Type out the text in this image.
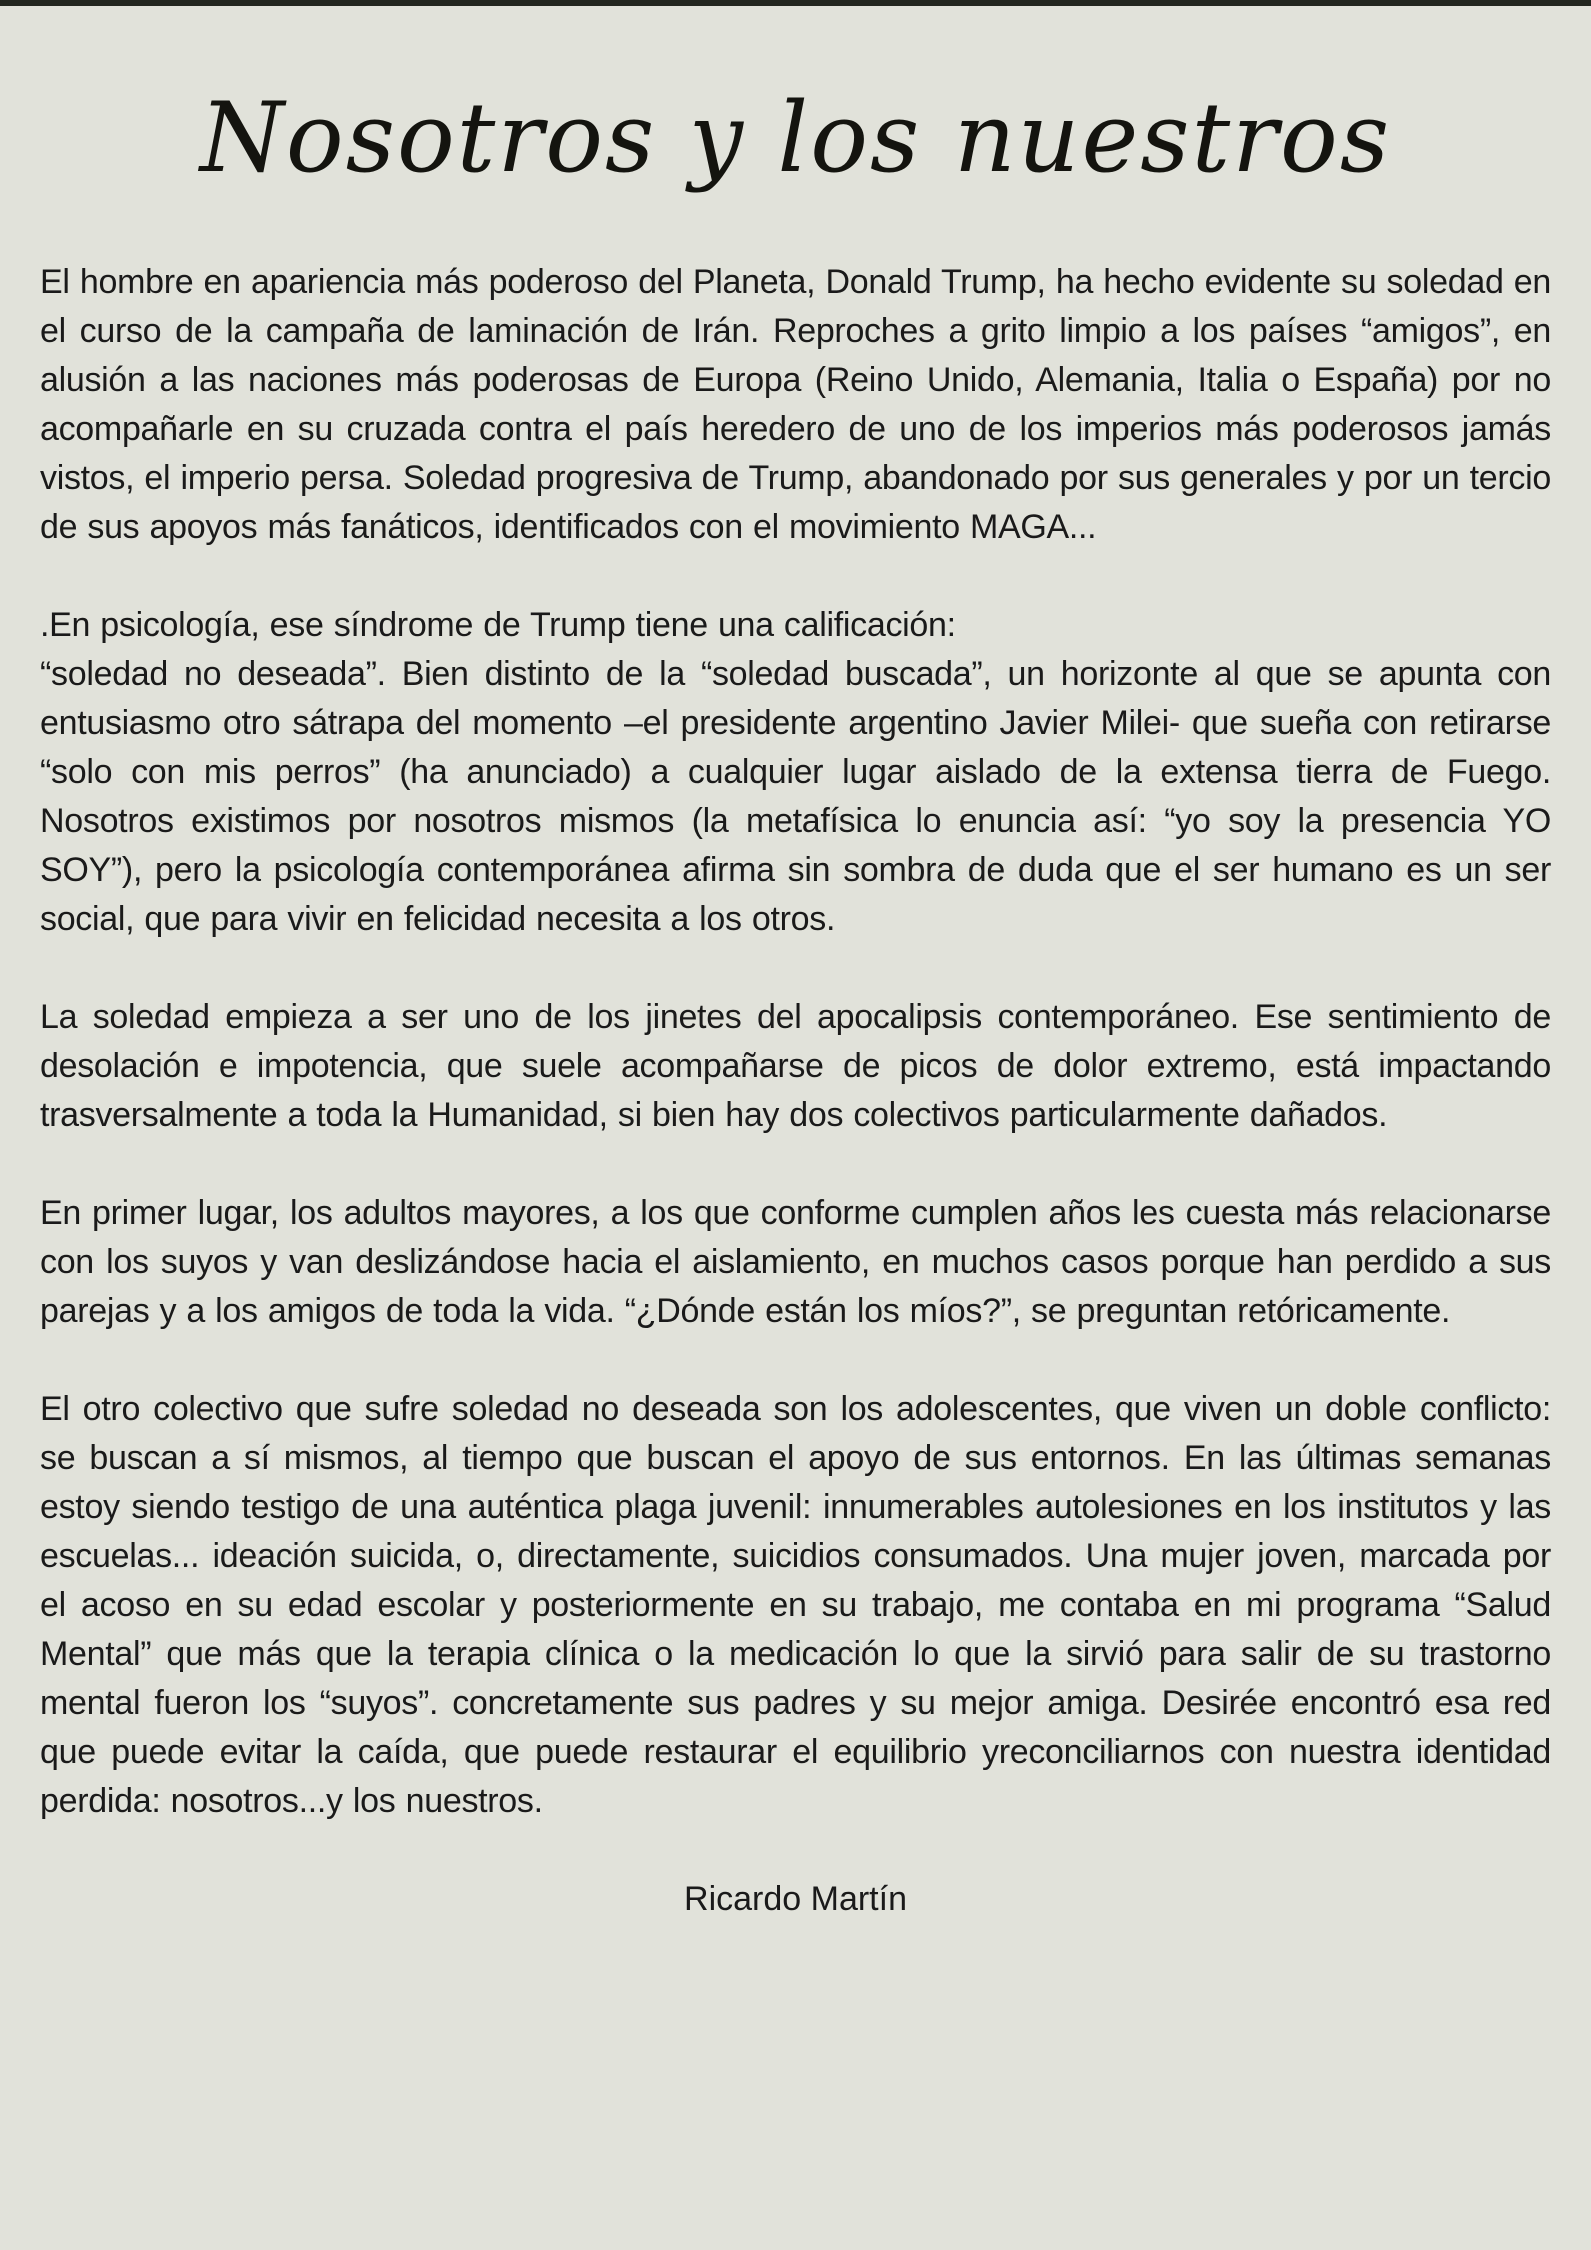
Nosotros y los nuestros

El hombre en apariencia más poderoso del Planeta, Donald Trump, ha hecho evidente su soledad en el curso de la campaña de laminación de Irán. Reproches a grito limpio a los países “amigos”, en alusión a las naciones más poderosas de Europa (Reino Unido, Alemania, Italia o España) por no acompañarle en su cruzada contra el país heredero de uno de los imperios más poderosos jamás vistos, el imperio persa. Soledad progresiva de Trump, abandonado por sus generales y por un tercio de sus apoyos más fanáticos, identificados con el movimiento MAGA...

.En psicología, ese síndrome de Trump tiene una calificación:
“soledad no deseada”. Bien distinto de la “soledad buscada”, un horizonte al que se apunta con entusiasmo otro sátrapa del momento –el presidente argentino Javier Milei- que sueña con retirarse “solo con mis perros” (ha anunciado) a cualquier lugar aislado de la extensa tierra de Fuego. Nosotros existimos por nosotros mismos (la metafísica lo enuncia así: “yo soy la presencia YO SOY”), pero la psicología contemporánea afirma sin sombra de duda que el ser humano es un ser social, que para vivir en felicidad necesita a los otros.

La soledad empieza a ser uno de los jinetes del apocalipsis contemporáneo. Ese sentimiento de desolación e impotencia, que suele acompañarse de picos de dolor extremo, está impactando trasversalmente a toda la Humanidad, si bien hay dos colectivos particularmente dañados.

En primer lugar, los adultos mayores, a los que conforme cumplen años les cuesta más relacionarse con los suyos y van deslizándose hacia el aislamiento, en muchos casos porque han perdido a sus parejas y a los amigos de toda la vida. “¿Dónde están los míos?”, se preguntan retóricamente.

El otro colectivo que sufre soledad no deseada son los adolescentes, que viven un doble conflicto: se buscan a sí mismos, al tiempo que buscan el apoyo de sus entornos. En las últimas semanas estoy siendo testigo de una auténtica plaga juvenil: innumerables autolesiones en los institutos y las escuelas... ideación suicida, o, directamente, suicidios consumados. Una mujer joven, marcada por el acoso en su edad escolar y posteriormente en su trabajo, me contaba en mi programa “Salud Mental” que más que la terapia clínica o la medicación lo que la sirvió para salir de su trastorno mental fueron los “suyos”. concretamente sus padres y su mejor amiga. Desirée encontró esa red que puede evitar la caída, que puede restaurar el equilibrio yreconciliarnos con nuestra identidad perdida: nosotros...y los nuestros.

Ricardo Martín
